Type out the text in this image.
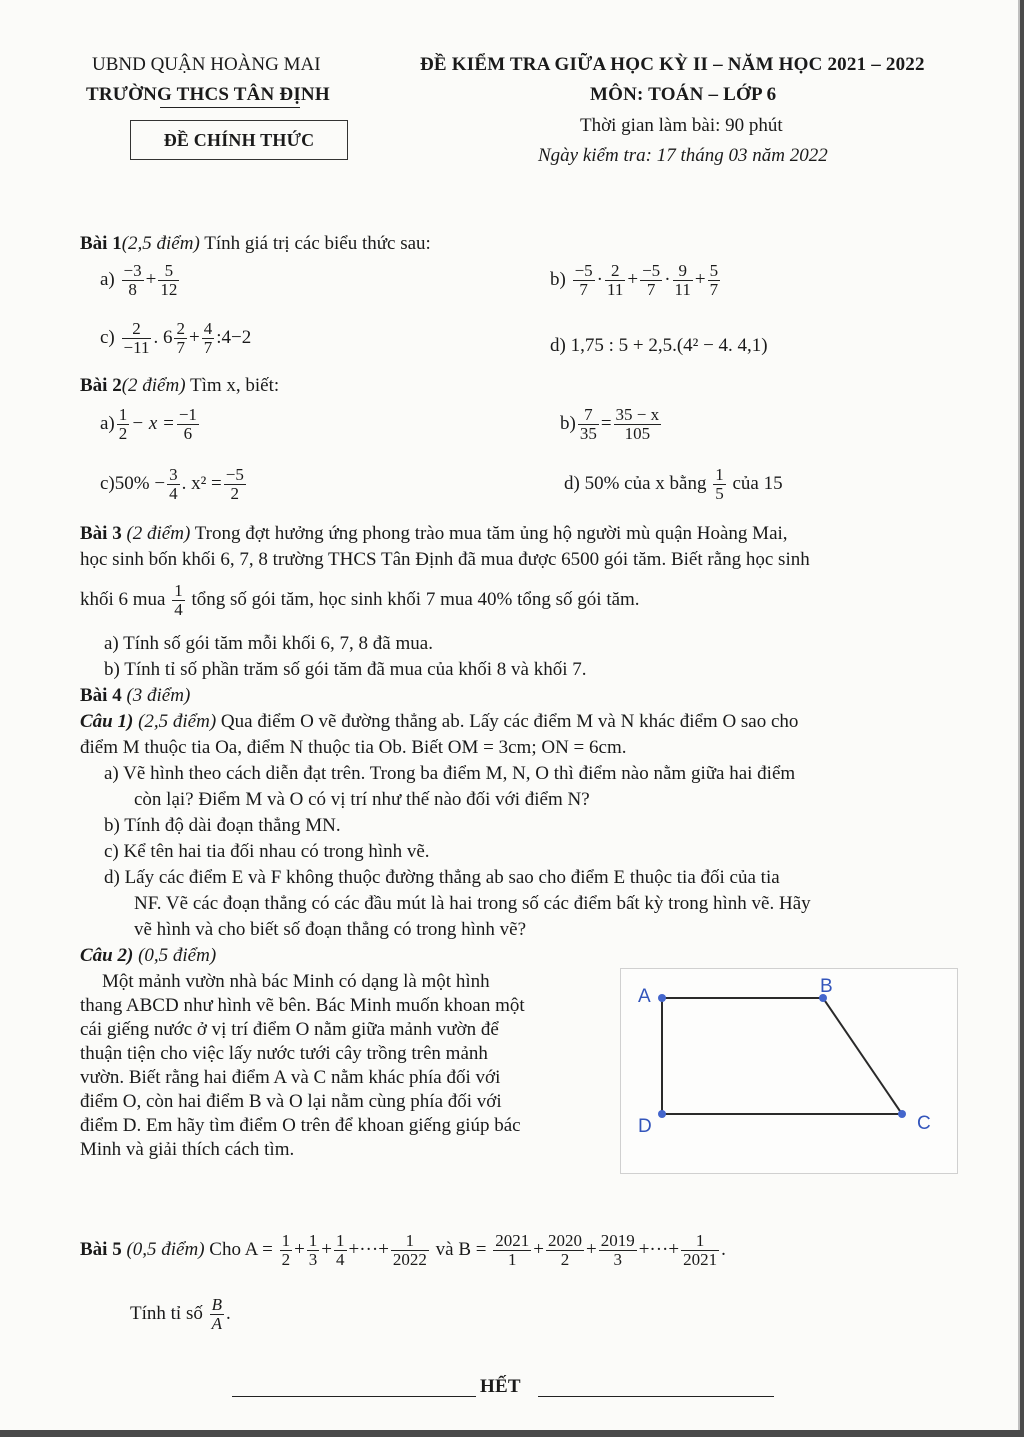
UBND QUẬN HOÀNG MAI
TRƯỜNG THCS TÂN ĐỊNH
ĐỀ CHÍNH THỨC
ĐỀ KIỂM TRA GIỮA HỌC KỲ II – NĂM HỌC 2021 – 2022
MÔN: TOÁN – LỚP 6
Thời gian làm bài: 90 phút
Ngày kiểm tra: 17 tháng 03 năm 2022
Bài 1(2,5 điểm) Tính giá trị các biểu thức sau:
$a) \frac{-3}{8} + \frac{5}{12}$	$b) \frac{-5}{7} \cdot \frac{2}{11} + \frac{-5}{7} \cdot \frac{9}{11} + \frac{5}{7}$
$c) \frac{2}{-11}$ . $6 \frac{2}{7} + \frac{4}{7}$ :4−2	d) 1,75 : 5 + 2,5.(4² − 4. 4,1)
Bài 2(2 điểm) Tìm x, biết:
$a) \frac{1}{2} - x = \frac{-1}{6}$	$b) \frac{7}{35} = \frac{35 - x}{105}$
$c)50\% - \frac{3}{4}$ . $x^2 = \frac{-5}{2}$	d) 50% của x bằng $\frac{1}{5}$ của 15
Bài 3 (2 điểm) Trong đợt hưởng ứng phong trào mua tăm ủng hộ người mù quận Hoàng Mai,
học sinh bốn khối 6, 7, 8 trường THCS Tân Định đã mua được 6500 gói tăm. Biết rằng học sinh
khối 6 mua $\frac{1}{4}$ tổng số gói tăm, học sinh khối 7 mua 40% tổng số gói tăm.
a) Tính số gói tăm mỗi khối 6, 7, 8 đã mua.
b) Tính tỉ số phần trăm số gói tăm đã mua của khối 8 và khối 7.
Bài 4 (3 điểm)
Câu 1) (2,5 điểm) Qua điểm O vẽ đường thẳng ab. Lấy các điểm M và N khác điểm O sao cho
điểm M thuộc tia Oa, điểm N thuộc tia Ob. Biết OM = 3cm; ON = 6cm.
a) Vẽ hình theo cách diễn đạt trên. Trong ba điểm M, N, O thì điểm nào nằm giữa hai điểm
còn lại? Điểm M và O có vị trí như thế nào đối với điểm N?
b) Tính độ dài đoạn thẳng MN.
c) Kể tên hai tia đối nhau có trong hình vẽ.
d) Lấy các điểm E và F không thuộc đường thẳng ab sao cho điểm E thuộc tia đối của tia
NF. Vẽ các đoạn thẳng có các đầu mút là hai trong số các điểm bất kỳ trong hình vẽ. Hãy
vẽ hình và cho biết số đoạn thẳng có trong hình vẽ?
Câu 2) (0,5 điểm)
Một mảnh vườn nhà bác Minh có dạng là một hình
thang ABCD như hình vẽ bên. Bác Minh muốn khoan một
cái giếng nước ở vị trí điểm O nằm giữa mảnh vườn để
thuận tiện cho việc lấy nước tưới cây trồng trên mảnh
vườn. Biết rằng hai điểm A và C nằm khác phía đối với
điểm O, còn hai điểm B và O lại nằm cùng phía đối với
điểm D. Em hãy tìm điểm O trên để khoan giếng giúp bác
Minh và giải thích cách tìm.
A	B
C
D
Bài 5 (0,5 điểm) Cho $A = \frac{1}{2} + \frac{1}{3} + \frac{1}{4}$ +···+ $\frac{1}{2022}$ và $B = \frac{2021}{1} + \frac{2020}{2} + \frac{2019}{3}$ +···+ $\frac{1}{2021}$ .
Tính tỉ số $\frac{B}{A}$ .
HẾT
